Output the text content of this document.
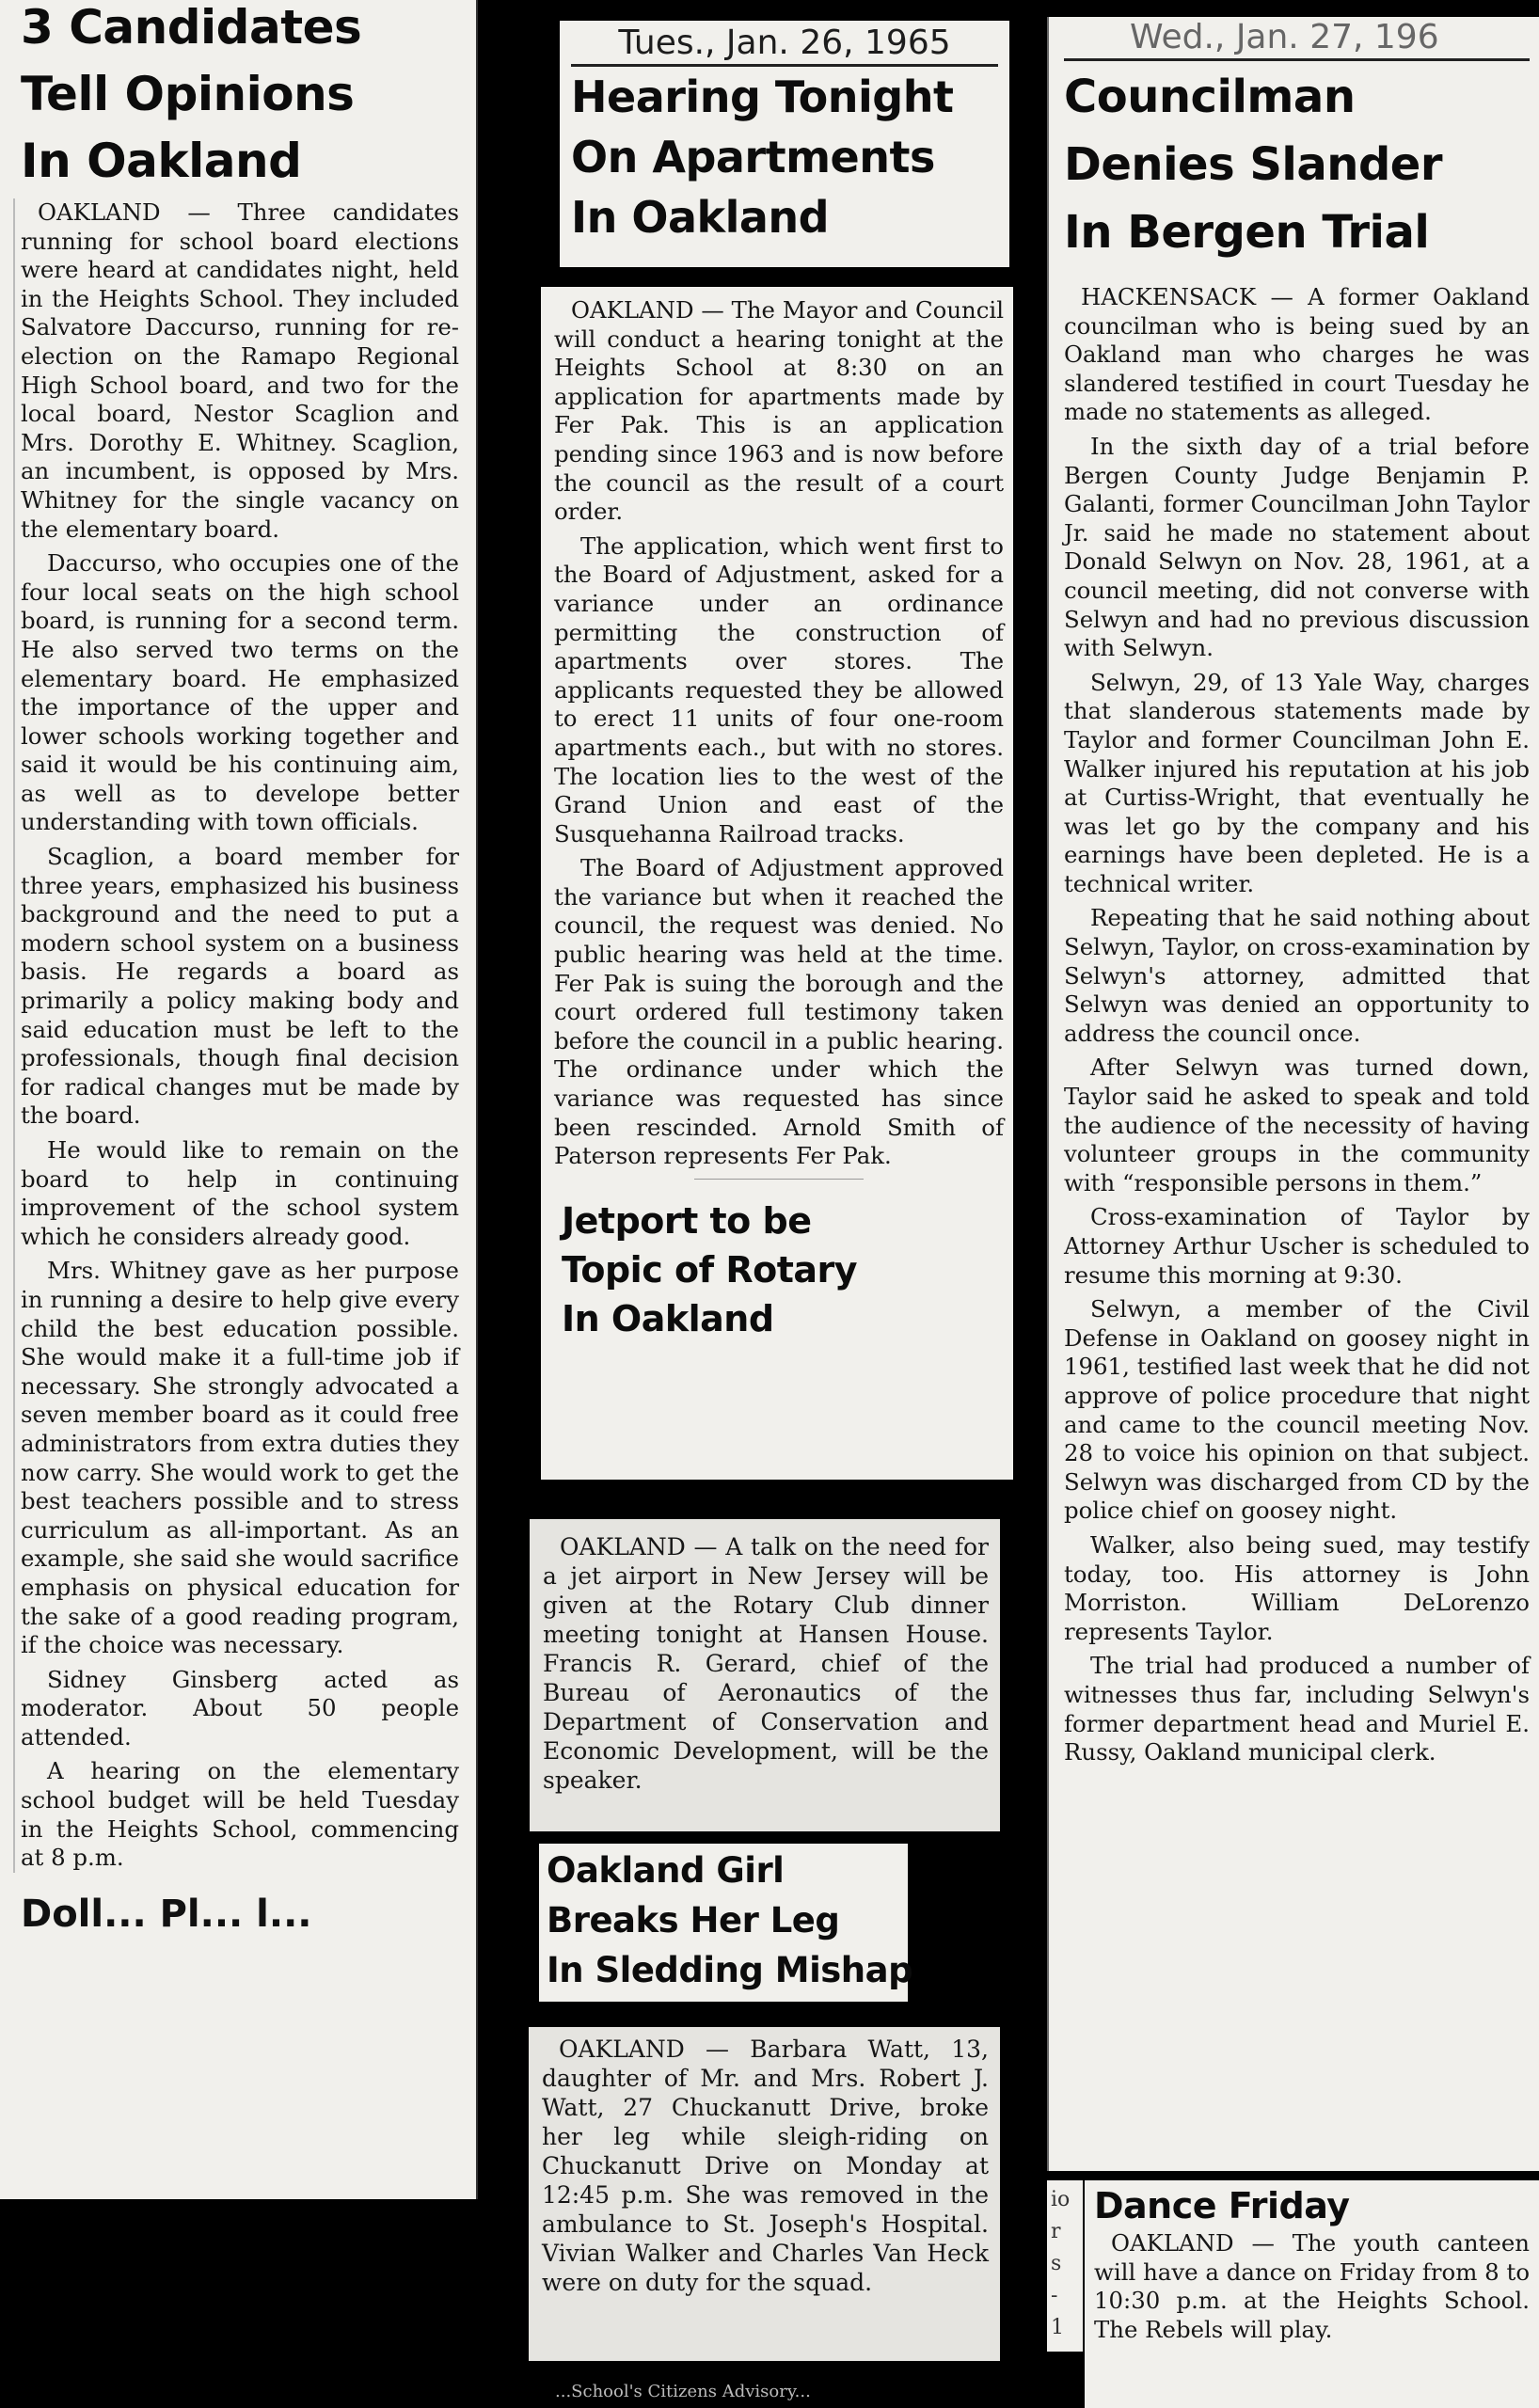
3 Candidates
Tell Opinions
In Oakland

OAKLAND — Three candidates running for school board elections were heard at candidates night, held in the Heights School. They included Salvatore Daccurso, running for re-election on the Ramapo Regional High School board, and two for the local board, Nestor Scaglion and Mrs. Dorothy E. Whitney. Scaglion, an incumbent, is opposed by Mrs. Whitney for the single vacancy on the elementary board.

Daccurso, who occupies one of the four local seats on the high school board, is running for a second term. He also served two terms on the elementary board. He emphasized the importance of the upper and lower schools working together and said it would be his continuing aim, as well as to develope better understanding with town officials.

Scaglion, a board member for three years, emphasized his business background and the need to put a modern school system on a business basis. He regards a board as primarily a policy making body and said education must be left to the professionals, though final decision for radical changes mut be made by the board.

He would like to remain on the board to help in continuing improvement of the school system which he considers already good.

Mrs. Whitney gave as her purpose in running a desire to help give every child the best education possible. She would make it a full-time job if necessary. She strongly advocated a seven member board as it could free administrators from extra duties they now carry. She would work to get the best teachers possible and to stress curriculum as all-important. As an example, she said she would sacrifice emphasis on physical education for the sake of a good reading program, if the choice was necessary.

Sidney Ginsberg acted as moderator. About 50 people attended.

A hearing on the elementary school budget will be held Tuesday in the Heights School, commencing at 8 p.m.

Doll... Pl... l...
Tues., Jan. 26, 1965
Hearing Tonight
On Apartments
In Oakland

OAKLAND — The Mayor and Council will conduct a hearing tonight at the Heights School at 8:30 on an application for apartments made by Fer Pak. This is an application pending since 1963 and is now before the council as the result of a court order.

The application, which went first to the Board of Adjustment, asked for a variance under an ordinance permitting the construction of apartments over stores. The applicants requested they be allowed to erect 11 units of four one-room apartments each., but with no stores. The location lies to the west of the Grand Union and east of the Susquehanna Railroad tracks.

The Board of Adjustment approved the variance but when it reached the council, the request was denied. No public hearing was held at the time. Fer Pak is suing the borough and the court ordered full testimony taken before the council in a public hearing. The ordinance under which the variance was requested has since been rescinded. Arnold Smith of Paterson represents Fer Pak.

Jetport to be
Topic of Rotary
In Oakland

OAKLAND — A talk on the need for a jet airport in New Jersey will be given at the Rotary Club dinner meeting tonight at Hansen House. Francis R. Gerard, chief of the Bureau of Aeronautics of the Department of Conservation and Economic Development, will be the speaker.

Oakland Girl
Breaks Her Leg
In Sledding Mishap

OAKLAND — Barbara Watt, 13, daughter of Mr. and Mrs. Robert J. Watt, 27 Chuckanutt Drive, broke her leg while sleigh-riding on Chuckanutt Drive on Monday at 12:45 p.m. She was removed in the ambulance to St. Joseph's Hospital. Vivian Walker and Charles Van Heck were on duty for the squad.

Wed., Jan. 27, 196
Councilman
Denies Slander
In Bergen Trial

HACKENSACK — A former Oakland councilman who is being sued by an Oakland man who charges he was slandered testified in court Tuesday he made no statements as alleged.

In the sixth day of a trial before Bergen County Judge Benjamin P. Galanti, former Councilman John Taylor Jr. said he made no statement about Donald Selwyn on Nov. 28, 1961, at a council meeting, did not converse with Selwyn and had no previous discussion with Selwyn.

Selwyn, 29, of 13 Yale Way, charges that slanderous statements made by Taylor and former Councilman John E. Walker injured his reputation at his job at Curtiss-Wright, that eventually he was let go by the company and his earnings have been depleted. He is a technical writer.

Repeating that he said nothing about Selwyn, Taylor, on cross-examination by Selwyn's attorney, admitted that Selwyn was denied an opportunity to address the council once.

After Selwyn was turned down, Taylor said he asked to speak and told the audience of the necessity of having volunteer groups in the community with “responsible persons in them.”

Cross-examination of Taylor by Attorney Arthur Uscher is scheduled to resume this morning at 9:30.

Selwyn, a member of the Civil Defense in Oakland on goosey night in 1961, testified last week that he did not approve of police procedure that night and came to the council meeting Nov. 28 to voice his opinion on that subject. Selwyn was discharged from CD by the police chief on goosey night.

Walker, also being sued, may testify today, too. His attorney is John Morriston. William DeLorenzo represents Taylor.

The trial had produced a number of witnesses thus far, including Selwyn's former department head and Muriel E. Russy, Oakland municipal clerk.

io
r
s
-
1
Dance Friday

OAKLAND — The youth canteen will have a dance on Friday from 8 to 10:30 p.m. at the Heights School. The Rebels will play.

...School's Citizens Advisory...
